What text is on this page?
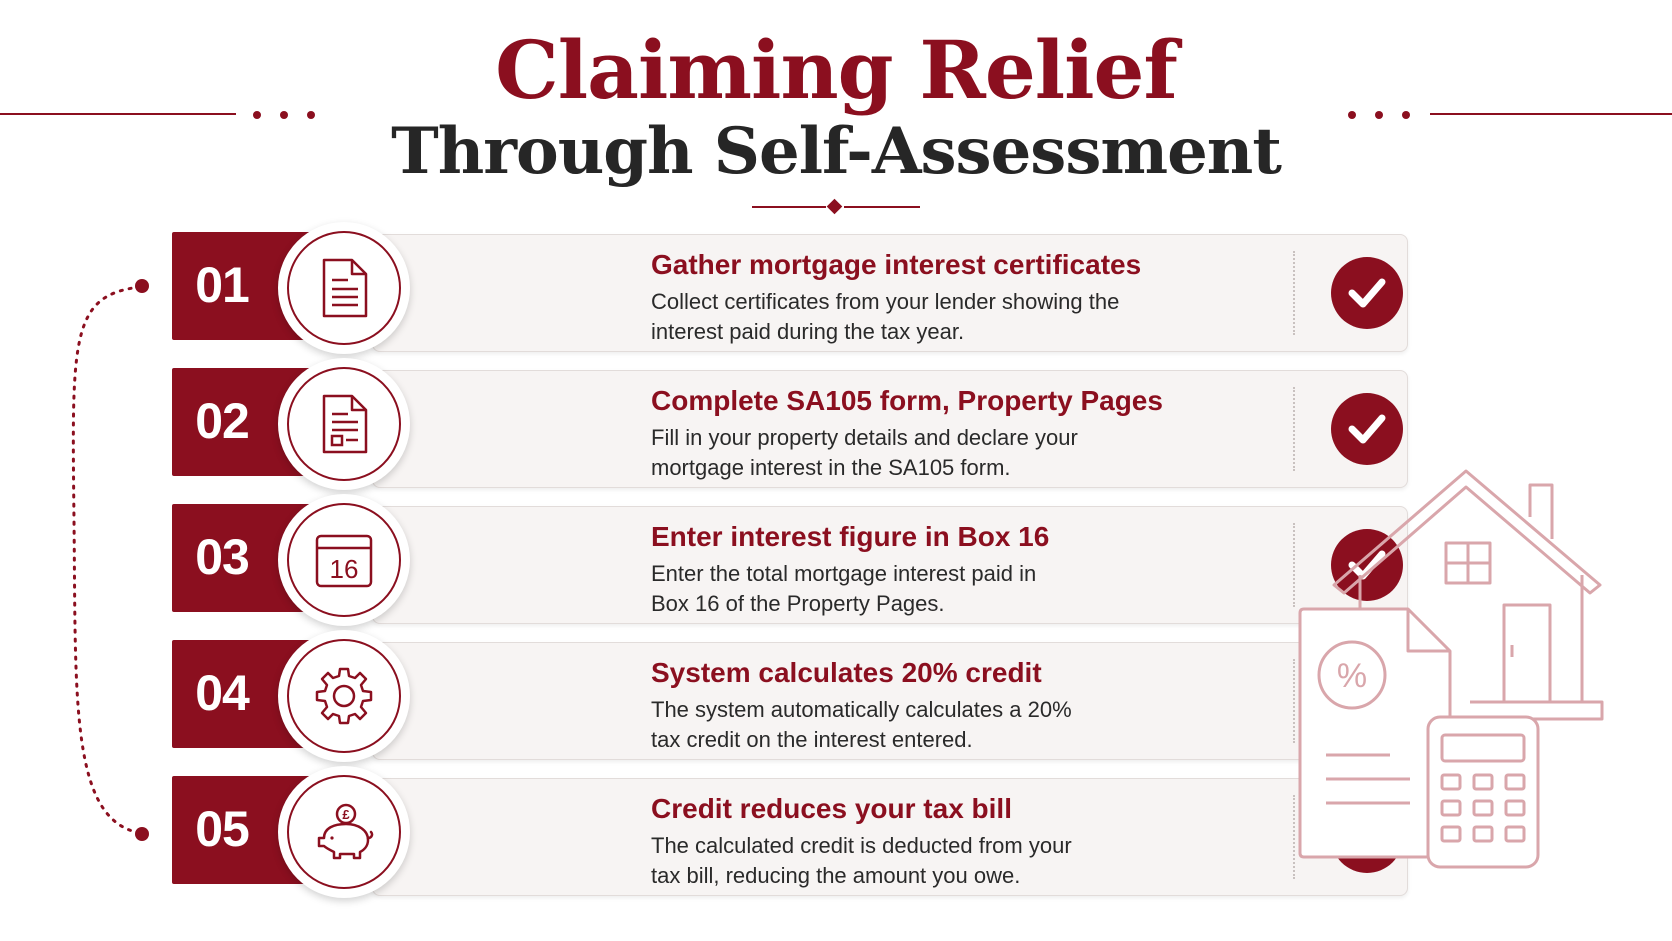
Claiming Relief
Through Self-Assessment
Gather mortgage interest certificates
Collect certificates from your lender showing the
interest paid during the tax year.
01
Complete SA105 form, Property Pages
Fill in your property details and declare your
mortgage interest in the SA105 form.
02
Enter interest figure in Box 16
Enter the total mortgage interest paid in
Box 16 of the Property Pages.
03	16
System calculates 20% credit
The system automatically calculates a 20%
tax credit on the interest entered.
04
Credit reduces your tax bill
The calculated credit is deducted from your
tax bill, reducing the amount you owe.
05	£
%
